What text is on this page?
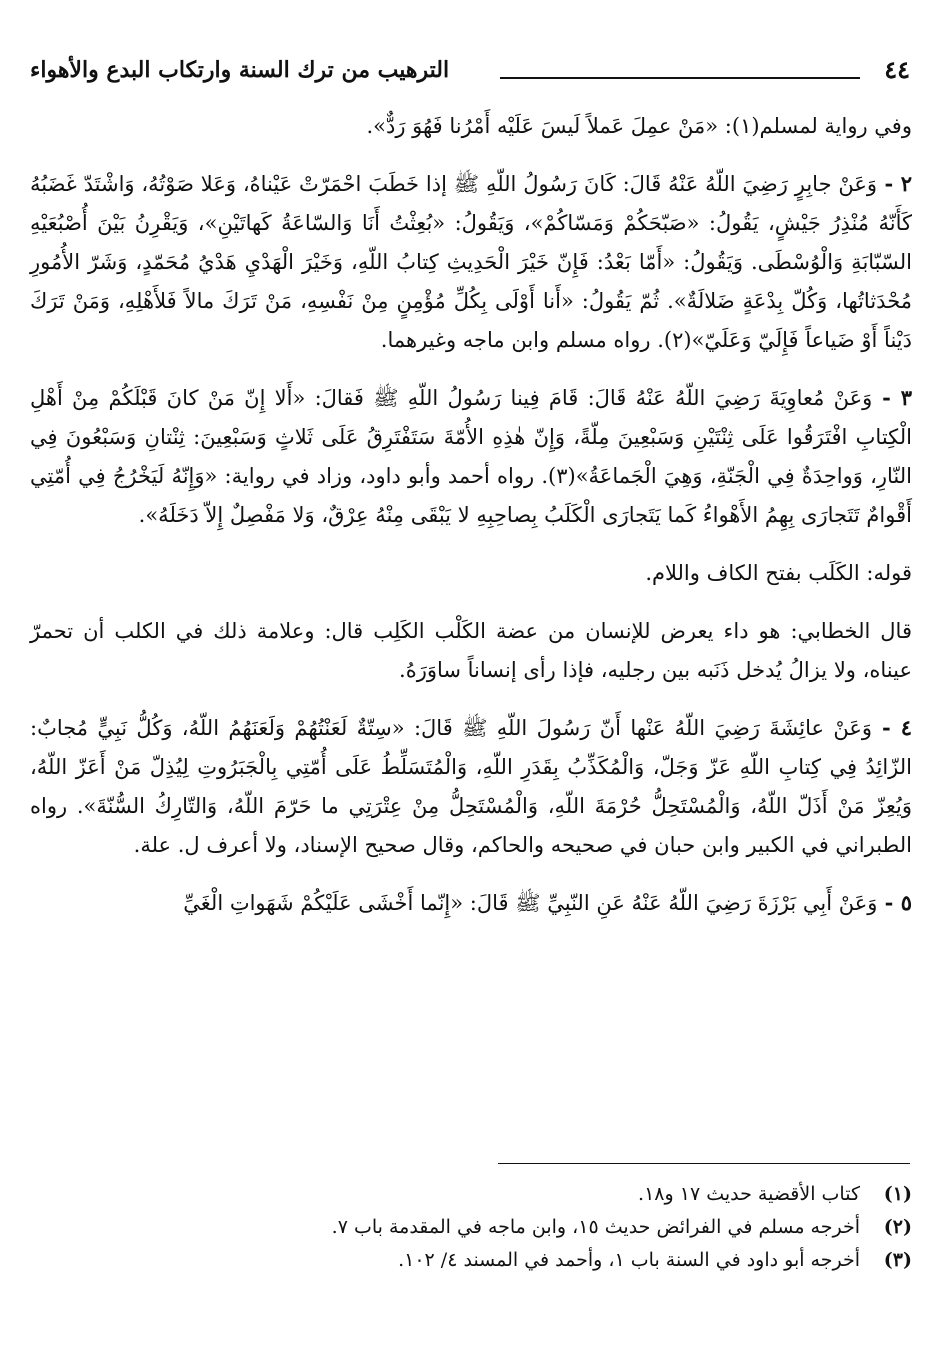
٤٤
الترهيب من ترك السنة وارتكاب البدع والأهواء

وفي رواية لمسلم(١): «مَنْ عمِلَ عَملاً لَيسَ عَلَيْه أَمْرُنا فَهُوَ رَدٌّ».

٢ - وَعَنْ جابِرٍ رَضِيَ اللّهُ عَنْهُ قَالَ: كَانَ رَسُولُ اللّهِ ﷺ إذا خَطَبَ احْمَرّتْ عَيْناهُ، وَعَلا صَوْتُهُ، وَاشْتَدّ غَضَبُهُ كَأَنّهُ مُنْذِرُ جَيْشٍ، يَقُولُ: «صَبّحَكُمْ وَمَسّاكُمْ»، وَيَقُولُ: «بُعِثْتُ أَنَا وَالسّاعَةُ كَهاتَيْنِ»، وَيَقْرِنُ بَيْنَ أُصْبُعَيْهِ السّبّابَةِ وَالْوُسْطَى. وَيَقُولُ: «أَمّا بَعْدُ: فَإِنّ خَيْرَ الْحَدِيثِ كِتابُ اللّهِ، وَخَيْرَ الْهَدْيِ هَدْيُ مُحَمّدٍ، وَشَرّ الأُمُورِ مُحْدَثاتُها، وَكُلّ بِدْعَةٍ ضَلالَةٌ». ثُمّ يَقُولُ: «أَنا أَوْلَى بِكُلِّ مُؤْمِنٍ مِنْ نَفْسِهِ، مَنْ تَرَكَ مالاً فَلأَهْلِهِ، وَمَنْ تَرَكَ دَيْناً أَوْ ضَياعاً فَإِلَيّ وَعَلَيّ»(٢). رواه مسلم وابن ماجه وغيرهما.

٣ - وَعَنْ مُعاوِيَةَ رَضِيَ اللّهُ عَنْهُ قَالَ: قَامَ فِينا رَسُولُ اللّهِ ﷺ فَقالَ: «أَلا إِنّ مَنْ كانَ قَبْلَكُمْ مِنْ أَهْلِ الْكِتابِ افْتَرَقُوا عَلَى ثِنْتَيْنِ وَسَبْعِينَ مِلّةً، وَإِنّ هٰذِهِ الأُمّةَ سَتَفْتَرِقُ عَلَى ثَلاثٍ وَسَبْعِينَ: ثِنْتانِ وَسَبْعُونَ فِي النّارِ، وَواحِدَةٌ فِي الْجَنّةِ، وَهِيَ الْجَماعَةُ»(٣). رواه أحمد وأبو داود، وزاد في رواية: «وَإِنّهُ لَيَخْرُجُ فِي أُمّتِي أَقْوامٌ تَتَجارَى بِهِمُ الأَهْواءُ كَما يَتَجارَى الْكَلَبُ بِصاحِبِهِ لا يَبْقَى مِنْهُ عِرْقٌ، وَلا مَفْصِلٌ إِلاّ دَخَلَهُ».

قوله: الكَلَب بفتح الكاف واللام.

قال الخطابي: هو داء يعرض للإنسان من عضة الكَلْب الكَلِب قال: وعلامة ذلك في الكلب أن تحمرّ عيناه، ولا يزالُ يُدخل ذَنَبه بين رجليه، فإذا رأى إنساناً ساوَرَهُ.

٤ - وَعَنْ عائِشَةَ رَضِيَ اللّهُ عَنْها أَنّ رَسُولَ اللّهِ ﷺ قَالَ: «سِتّةٌ لَعَنْتُهُمْ وَلَعَنَهُمُ اللّهُ، وَكُلُّ نَبِيٍّ مُجابٌ: الزّائِدُ فِي كِتابِ اللّهِ عَزّ وَجَلّ، وَالْمُكَذِّبُ بِقَدَرِ اللّهِ، وَالْمُتَسَلِّطُ عَلَى أُمّتِي بِالْجَبَرُوتِ لِيُذِلّ مَنْ أَعَزّ اللّهُ، وَيُعِزّ مَنْ أَذَلّ اللّهُ، وَالْمُسْتَحِلُّ حُرْمَةَ اللّهِ، وَالْمُسْتَحِلُّ مِنْ عِتْرَتِي ما حَرّمَ اللّهُ، وَالتّارِكُ السُّنّةَ». رواه الطبراني في الكبير وابن حبان في صحيحه والحاكم، وقال صحيح الإسناد، ولا أعرف ل. علة.

٥ - وَعَنْ أَبِي بَرْزَةَ رَضِيَ اللّهُ عَنْهُ عَنِ النّبِيِّ ﷺ قَالَ: «إِنّما أَخْشَى عَلَيْكُمْ شَهَواتِ الْغَيِّ

(١)
كتاب الأقضية حديث ١٧ و١٨.
(٢)
أخرجه مسلم في الفرائض حديث ١٥، وابن ماجه في المقدمة باب ٧.
(٣)
أخرجه أبو داود في السنة باب ١، وأحمد في المسند ٤/ ١٠٢.
